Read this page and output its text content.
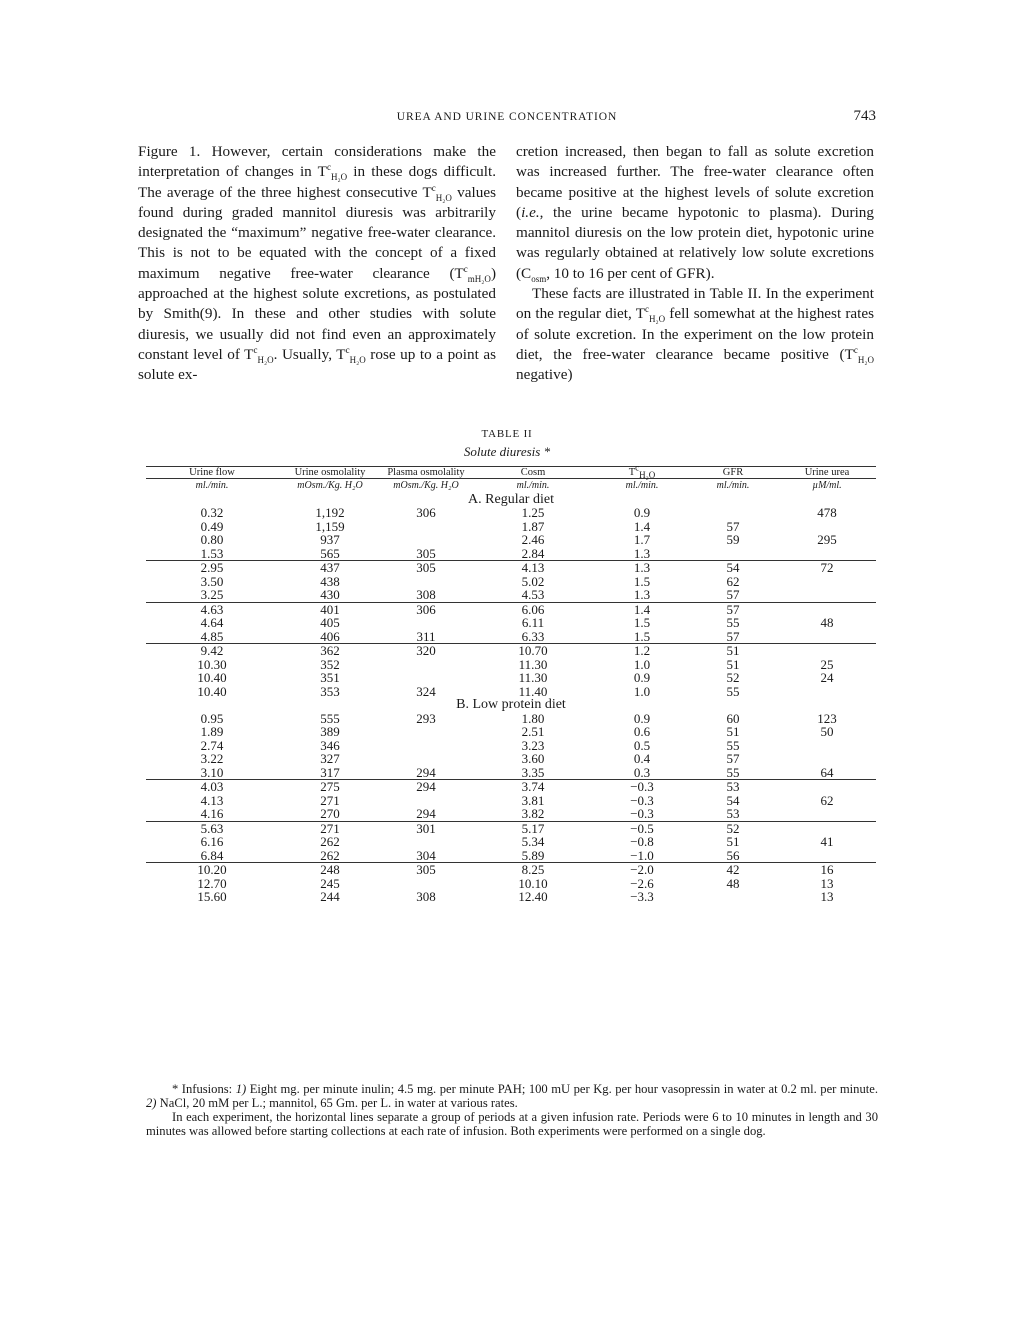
UREA AND URINE CONCENTRATION	743

Figure 1. However, certain considerations make the interpretation of changes in $T^c_{H_2O}$ in these dogs difficult. The average of the three highest consecutive $T^c_{H_2O}$ values found during graded mannitol diuresis was arbitrarily designated the “maximum” negative free-water clearance. This is not to be equated with the concept of a fixed maximum negative free-water clearance $(T^c_{mH_2O})$ approached at the highest solute excretions, as postulated by Smith(9). In these and other studies with solute diuresis, we usually did not find even an approximately constant level of $T^c_{H_2O}$. Usually, $T^c_{H_2O}$ rose up to a point as solute ex-

cretion increased, then began to fall as solute excretion was increased further. The free-water clearance often became positive at the highest levels of solute excretion (i.e., the urine became hypotonic to plasma). During mannitol diuresis on the low protein diet, hypotonic urine was regularly obtained at relatively low solute excretions ($C_{osm}$, 10 to 16 per cent of GFR).

These facts are illustrated in Table II. In the experiment on the regular diet, $T^c_{H_2O}$ fell somewhat at the highest rates of solute excretion. In the experiment on the low protein diet, the free-water clearance became positive ($T^c_{H_2O}$ negative)

TABLE II
Solute diuresis *
Urine flow	Urine osmolality	Plasma osmolality	Cosm	$T^c_{H_2O}$	GFR	Urine urea
ml./min.	mOsm./Kg. H₂O	mOsm./Kg. H₂O	ml./min.	ml./min.	ml./min.	µM/ml.
A. Regular diet						
0.32	1,192	306	1.25	0.9		478
0.49	1,159		1.87	1.4	57	
0.80	937		2.46	1.7	59	295
1.53	565	305	2.84	1.3		
2.95	437	305	4.13	1.3	54	72
3.50	438		5.02	1.5	62	
3.25	430	308	4.53	1.3	57	
4.63	401	306	6.06	1.4	57	
4.64	405		6.11	1.5	55	48
4.85	406	311	6.33	1.5	57	
9.42	362	320	10.70	1.2	51	
10.30	352		11.30	1.0	51	25
10.40	351		11.30	0.9	52	24
10.40	353	324	11.40	1.0	55	
B. Low protein diet						
0.95	555	293	1.80	0.9	60	123
1.89	389		2.51	0.6	51	50
2.74	346		3.23	0.5	55	
3.22	327		3.60	0.4	57	
3.10	317	294	3.35	0.3	55	64
4.03	275	294	3.74	−0.3	53	
4.13	271		3.81	−0.3	54	62
4.16	270	294	3.82	−0.3	53	
5.63	271	301	5.17	−0.5	52	
6.16	262		5.34	−0.8	51	41
6.84	262	304	5.89	−1.0	56	
10.20	248	305	8.25	−2.0	42	16
12.70	245		10.10	−2.6	48	13
15.60	244	308	12.40	−3.3		13

* Infusions: 1) Eight mg. per minute inulin; 4.5 mg. per minute PAH; 100 mU per Kg. per hour vasopressin in water at 0.2 ml. per minute. 2) NaCl, 20 mM per L.; mannitol, 65 Gm. per L. in water at various rates.

In each experiment, the horizontal lines separate a group of periods at a given infusion rate. Periods were 6 to 10 minutes in length and 30 minutes was allowed before starting collections at each rate of infusion. Both experiments were performed on a single dog.
